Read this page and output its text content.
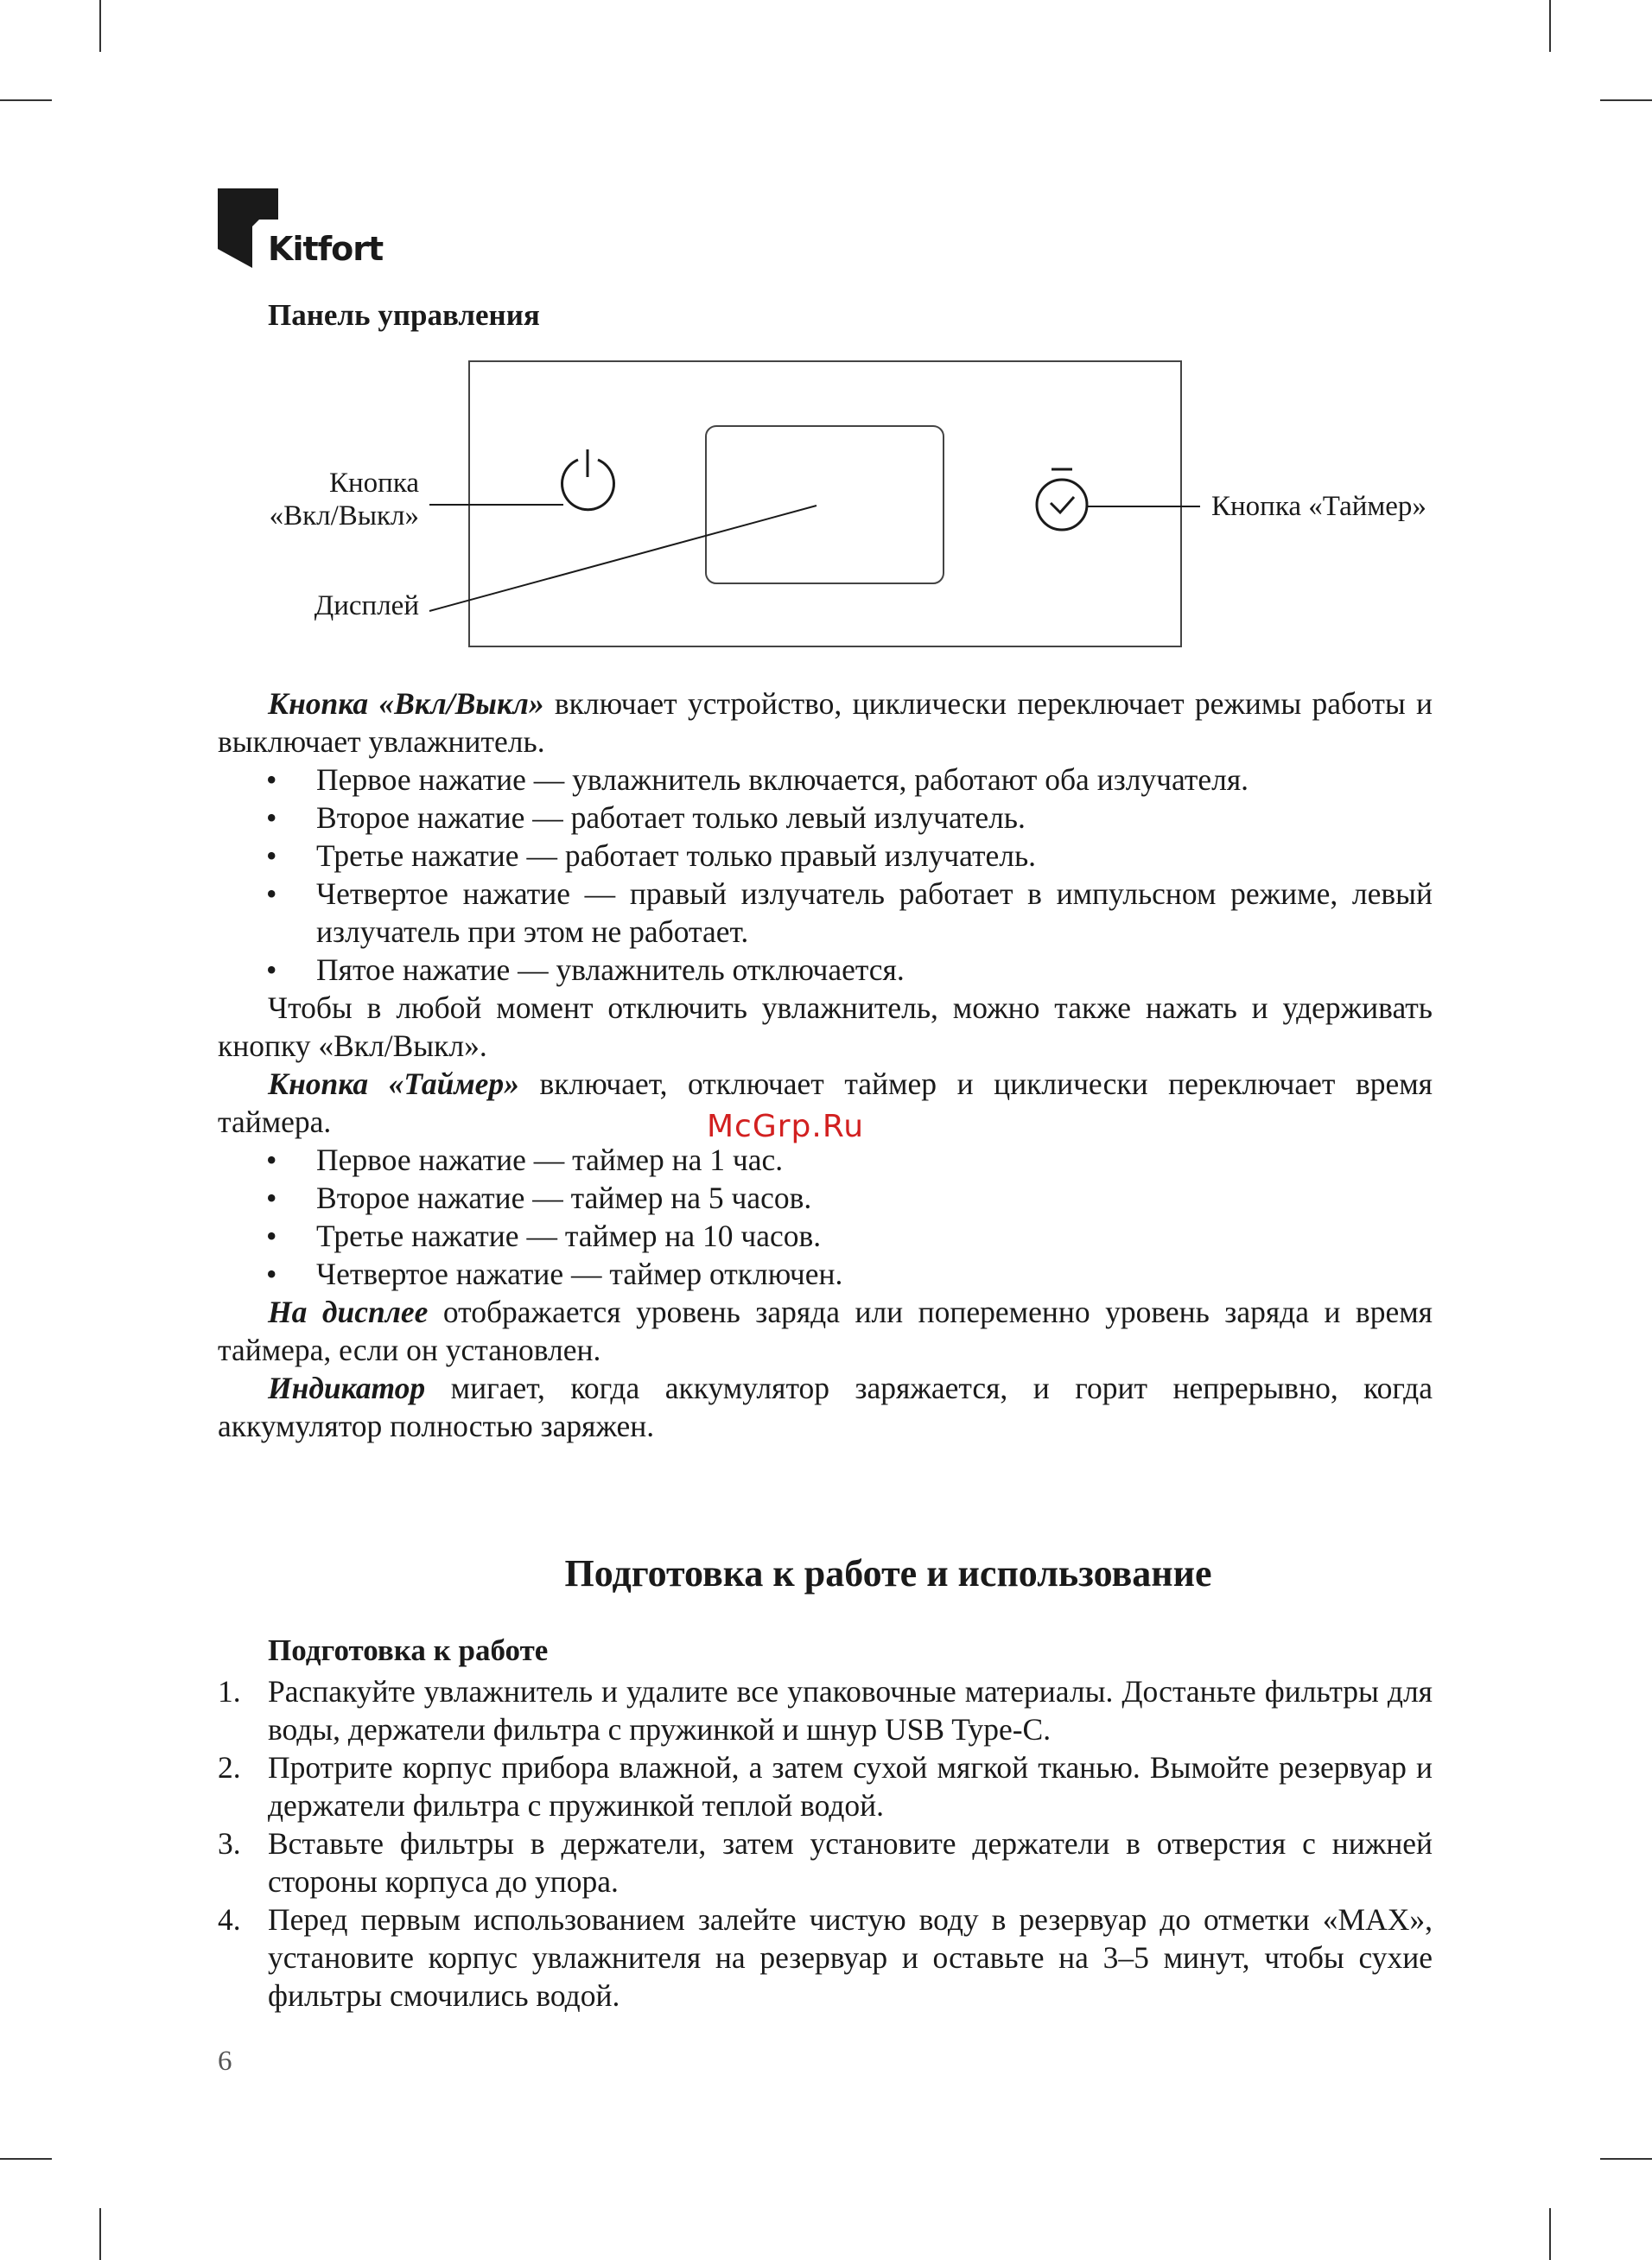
Kitfort
Панель управления
Кнопка
«Вкл/Выкл»
Дисплей
Кнопка «Таймер»
Кнопка «Вкл/Выкл» включает устройство, циклически переключает режимы работы и выключает увлажнитель.
• Первое нажатие — увлажнитель включается, работают оба излучателя.
• Второе нажатие — работает только левый излучатель.
• Третье нажатие — работает только правый излучатель.
• Четвертое нажатие — правый излучатель работает в импульсном режиме, левый излучатель при этом не работает.
• Пятое нажатие — увлажнитель отключается.
Чтобы в любой момент отключить увлажнитель, можно также нажать и удерживать кнопку «Вкл/Выкл».
Кнопка «Таймер» включает, отключает таймер и циклически переключает время таймера.
• Первое нажатие — таймер на 1 час.
• Второе нажатие — таймер на 5 часов.
• Третье нажатие — таймер на 10 часов.
• Четвертое нажатие — таймер отключен.
На дисплее отображается уровень заряда или попеременно уровень заряда и время таймера, если он установлен.
Индикатор мигает, когда аккумулятор заряжается, и горит непрерывно, когда аккумулятор полностью заряжен.
Подготовка к работе и использование
Подготовка к работе
1. Распакуйте увлажнитель и удалите все упаковочные материалы. Достаньте фильтры для воды, держатели фильтра с пружинкой и шнур USB Type-C.
2. Протрите корпус прибора влажной, а затем сухой мягкой тканью. Вымойте резервуар и держатели фильтра с пружинкой теплой водой.
3. Вставьте фильтры в держатели, затем установите держатели в отверстия с нижней стороны корпуса до упора.
4. Перед первым использованием залейте чистую воду в резервуар до отметки «MAX», установите корпус увлажнителя на резервуар и оставьте на 3–5 минут, чтобы сухие фильтры смочились водой.
McGrp.Ru
6
